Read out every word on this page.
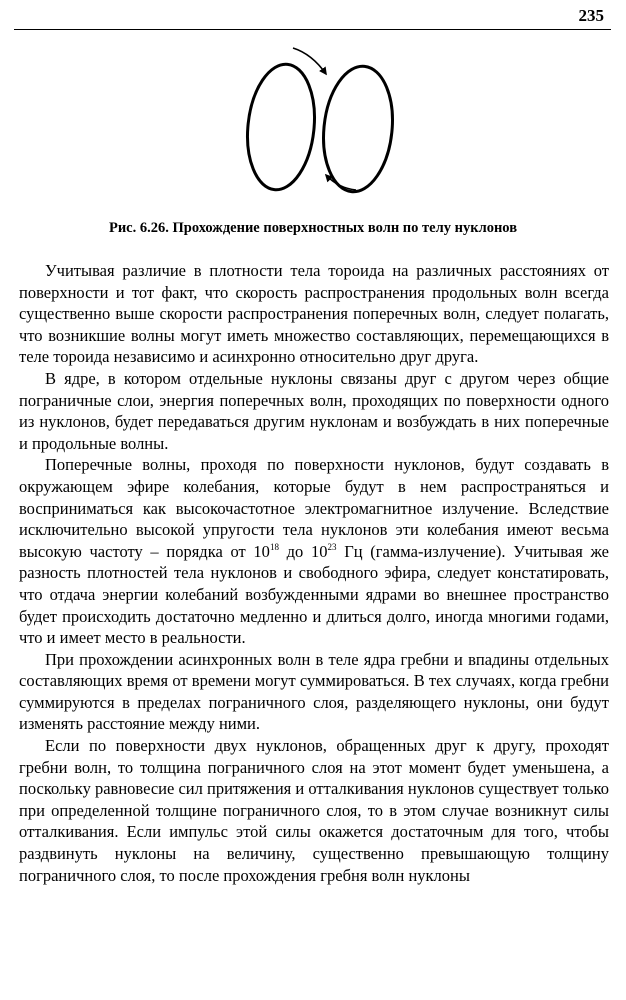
235
Рис. 6.26. Прохождение поверхностных волн по телу нуклонов

Учитывая различие в плотности тела тороида на различных расстояниях от поверхности и тот факт, что скорость распространения продольных волн всегда существенно выше скорости распространения поперечных волн, следует полагать, что возникшие волны могут иметь множество составляющих, перемещающихся в теле тороида независимо и асинхронно относительно друг друга.

В ядре, в котором отдельные нуклоны связаны друг с другом через общие пограничные слои, энергия поперечных волн, проходящих по поверхности одного из нуклонов, будет передаваться другим нуклонам и возбуждать в них поперечные и продольные волны.

Поперечные волны, проходя по поверхности нуклонов, будут создавать в окружающем эфире колебания, которые будут в нем распространяться и восприниматься как высокочастотное электромагнитное излучение. Вследствие исключительно высокой упругости тела нуклонов эти колебания имеют весьма высокую частоту – порядка от $10^{18}$ до $10^{23}$ Гц (гамма-излучение). Учитывая же разность плотностей тела нуклонов и свободного эфира, следует констатировать, что отдача энергии колебаний возбужденными ядрами во внешнее пространство будет происходить достаточно медленно и длиться долго, иногда многими годами, что и имеет место в реальности.

При прохождении асинхронных волн в теле ядра гребни и впадины отдельных составляющих время от времени могут суммироваться. В тех случаях, когда гребни суммируются в пределах пограничного слоя, разделяющего нуклоны, они будут изменять расстояние между ними.

Если по поверхности двух нуклонов, обращенных друг к другу, проходят гребни волн, то толщина пограничного слоя на этот момент будет уменьшена, а поскольку равновесие сил притяжения и отталкивания нуклонов существует только при определенной толщине пограничного слоя, то в этом случае возникнут силы отталкивания. Если импульс этой силы окажется достаточным для того, чтобы раздвинуть нуклоны на величину, существенно превышающую толщину пограничного слоя, то после прохождения гребня волн нуклоны
